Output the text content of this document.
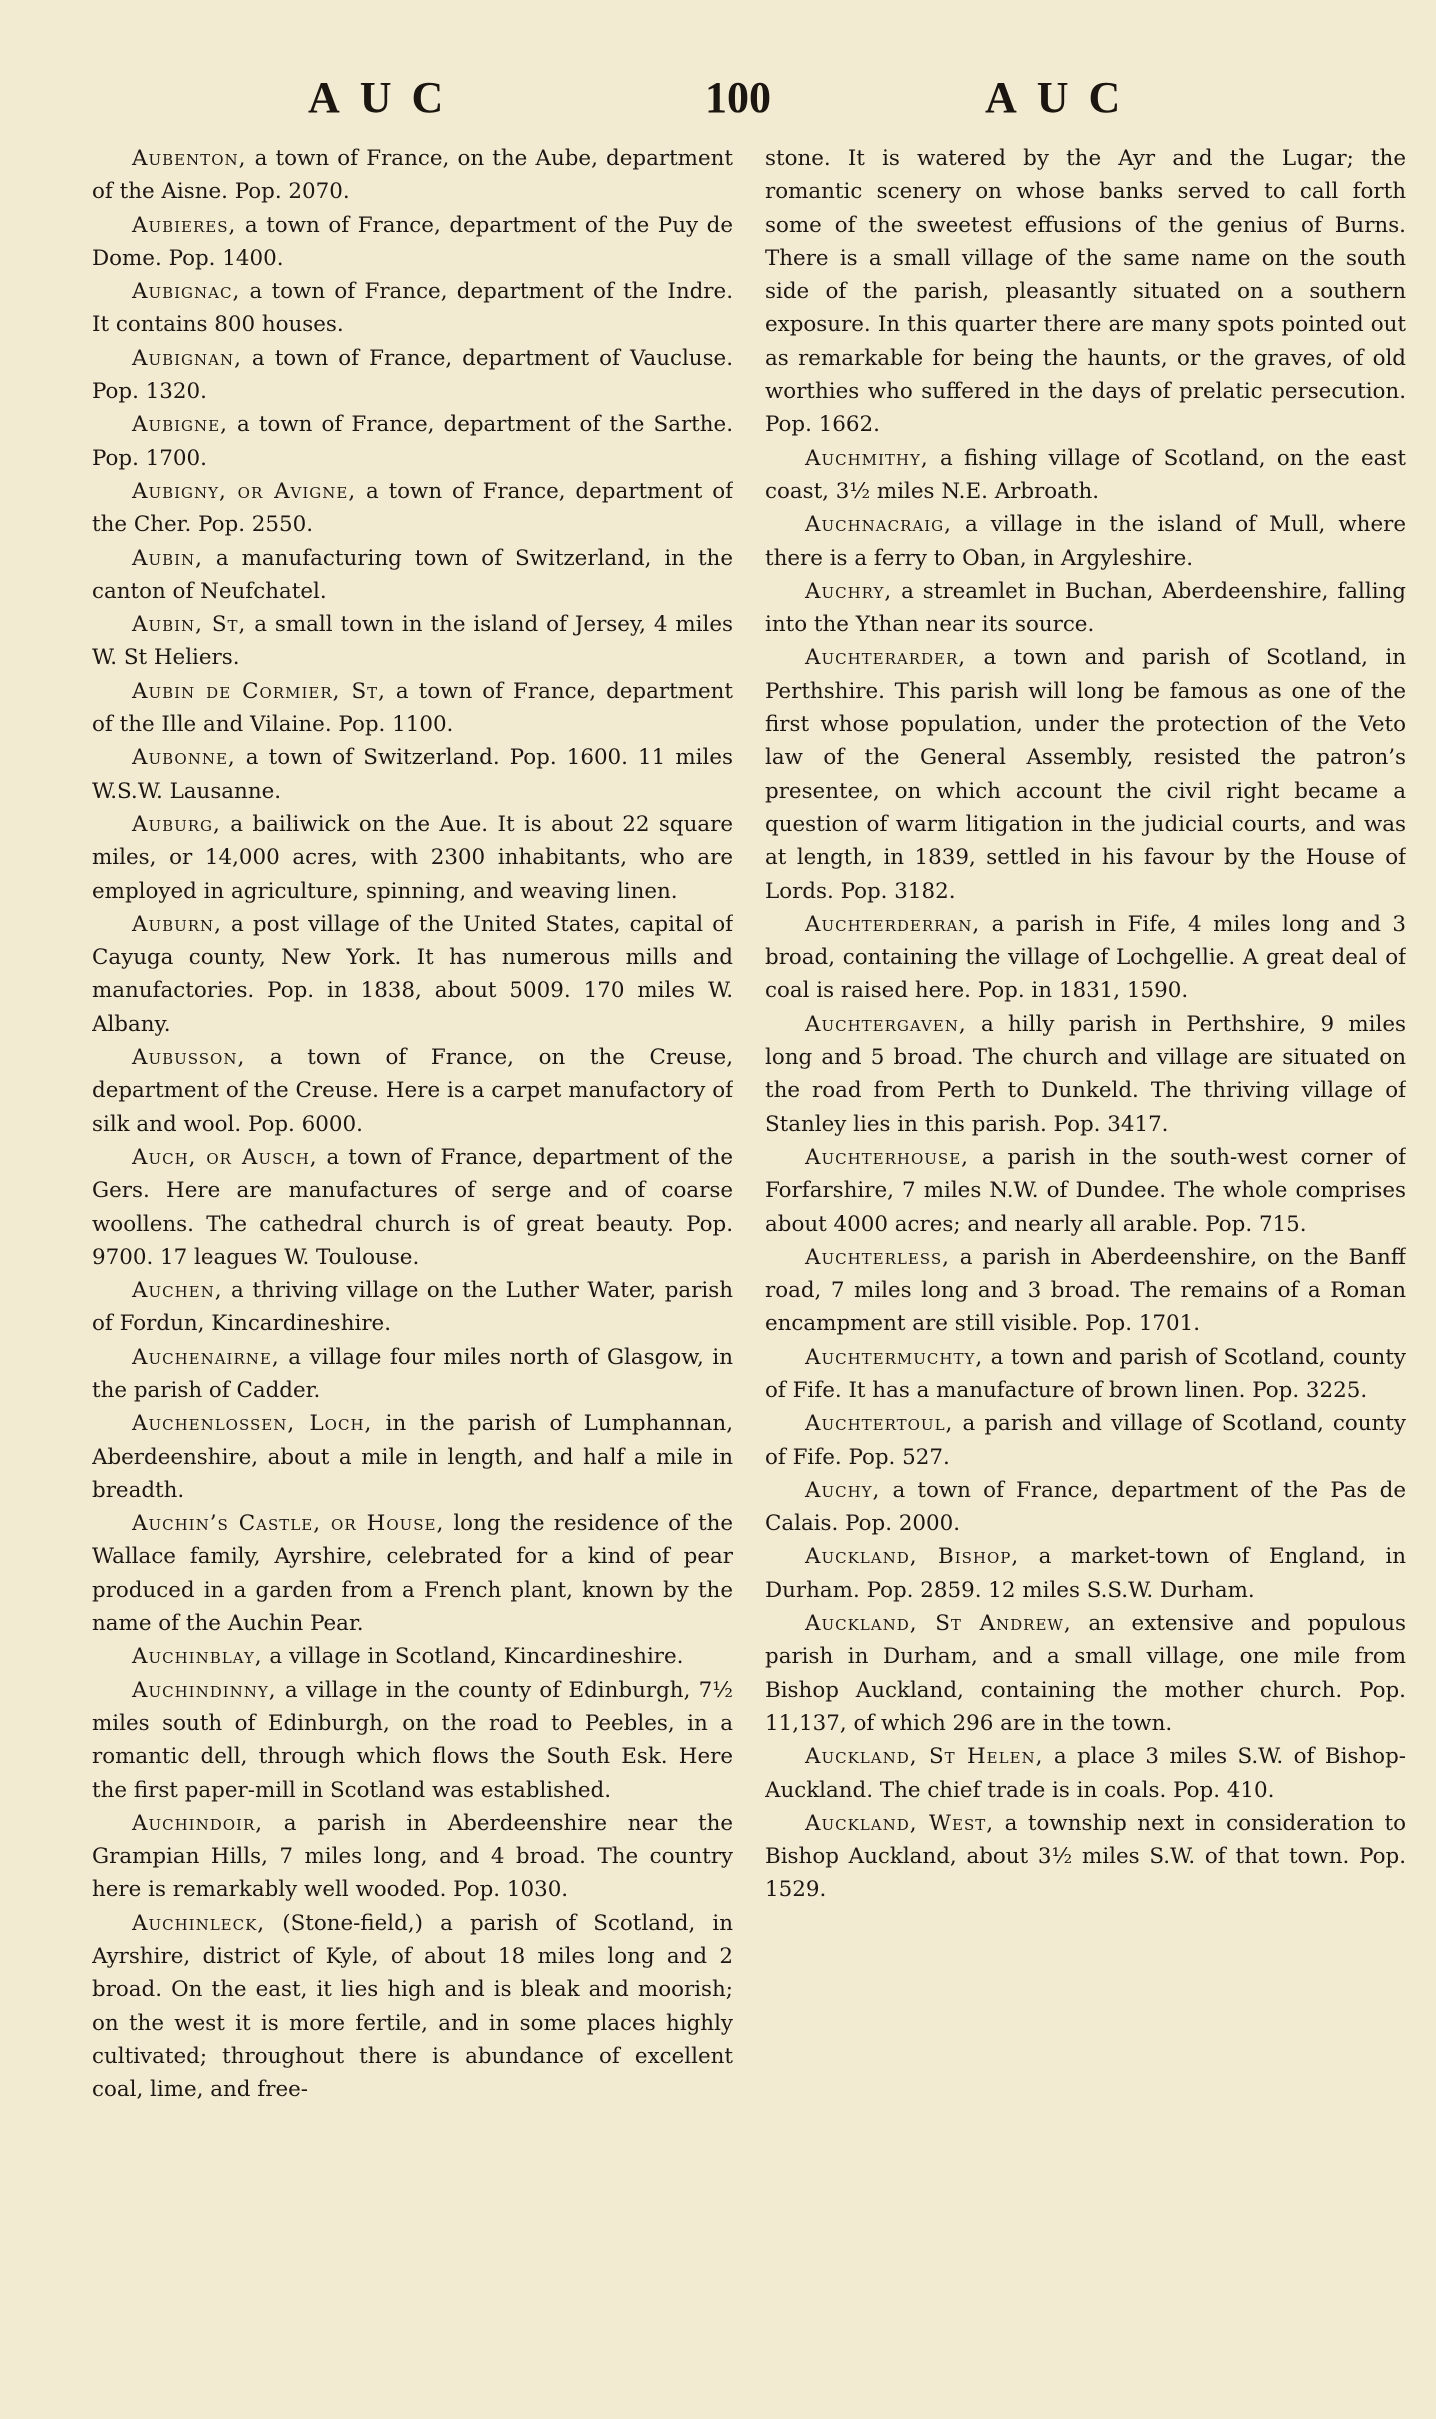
AUC	100	AUC

Aubenton, a town of France, on the Aube, department of the Aisne. Pop. 2070.

Aubieres, a town of France, department of the Puy de Dome. Pop. 1400.

Aubignac, a town of France, department of the Indre. It contains 800 houses.

Aubignan, a town of France, department of Vaucluse. Pop. 1320.

Aubigne, a town of France, department of the Sarthe. Pop. 1700.

Aubigny, or Avigne, a town of France, department of the Cher. Pop. 2550.

Aubin, a manufacturing town of Switzerland, in the canton of Neufchatel.

Aubin, St, a small town in the island of Jersey, 4 miles W. St Heliers.

Aubin de Cormier, St, a town of France, department of the Ille and Vilaine. Pop. 1100.

Aubonne, a town of Switzerland. Pop. 1600. 11 miles W.S.W. Lausanne.

Auburg, a bailiwick on the Aue. It is about 22 square miles, or 14,000 acres, with 2300 inhabitants, who are employed in agriculture, spinning, and weaving linen.

Auburn, a post village of the United States, capital of Cayuga county, New York. It has numerous mills and manufactories. Pop. in 1838, about 5009. 170 miles W. Albany.

Aubusson, a town of France, on the Creuse, department of the Creuse. Here is a carpet manufactory of silk and wool. Pop. 6000.

Auch, or Ausch, a town of France, department of the Gers. Here are manufactures of serge and of coarse woollens. The cathedral church is of great beauty. Pop. 9700. 17 leagues W. Toulouse.

Auchen, a thriving village on the Luther Water, parish of Fordun, Kincardineshire.

Auchenairne, a village four miles north of Glasgow, in the parish of Cadder.

Auchenlossen, Loch, in the parish of Lumphannan, Aberdeenshire, about a mile in length, and half a mile in breadth.

Auchin’s Castle, or House, long the residence of the Wallace family, Ayrshire, celebrated for a kind of pear produced in a garden from a French plant, known by the name of the Auchin Pear.

Auchinblay, a village in Scotland, Kincardineshire.

Auchindinny, a village in the county of Edinburgh, 7½ miles south of Edinburgh, on the road to Peebles, in a romantic dell, through which flows the South Esk. Here the first paper-mill in Scotland was established.

Auchindoir, a parish in Aberdeenshire near the Grampian Hills, 7 miles long, and 4 broad. The country here is remarkably well wooded. Pop. 1030.

Auchinleck, (Stone-field,) a parish of Scotland, in Ayrshire, district of Kyle, of about 18 miles long and 2 broad. On the east, it lies high and is bleak and moorish; on the west it is more fertile, and in some places highly cultivated; throughout there is abundance of excellent coal, lime, and free-

stone. It is watered by the Ayr and the Lugar; the romantic scenery on whose banks served to call forth some of the sweetest effusions of the genius of Burns. There is a small village of the same name on the south side of the parish, pleasantly situated on a southern exposure. In this quarter there are many spots pointed out as remarkable for being the haunts, or the graves, of old worthies who suffered in the days of prelatic persecution. Pop. 1662.

Auchmithy, a fishing village of Scotland, on the east coast, 3½ miles N.E. Arbroath.

Auchnacraig, a village in the island of Mull, where there is a ferry to Oban, in Argyleshire.

Auchry, a streamlet in Buchan, Aberdeenshire, falling into the Ythan near its source.

Auchterarder, a town and parish of Scotland, in Perthshire. This parish will long be famous as one of the first whose population, under the protection of the Veto law of the General Assembly, resisted the patron’s presentee, on which account the civil right became a question of warm litigation in the judicial courts, and was at length, in 1839, settled in his favour by the House of Lords. Pop. 3182.

Auchterderran, a parish in Fife, 4 miles long and 3 broad, containing the village of Lochgellie. A great deal of coal is raised here. Pop. in 1831, 1590.

Auchtergaven, a hilly parish in Perthshire, 9 miles long and 5 broad. The church and village are situated on the road from Perth to Dunkeld. The thriving village of Stanley lies in this parish. Pop. 3417.

Auchterhouse, a parish in the south-west corner of Forfarshire, 7 miles N.W. of Dundee. The whole comprises about 4000 acres; and nearly all arable. Pop. 715.

Auchterless, a parish in Aberdeenshire, on the Banff road, 7 miles long and 3 broad. The remains of a Roman encampment are still visible. Pop. 1701.

Auchtermuchty, a town and parish of Scotland, county of Fife. It has a manufacture of brown linen. Pop. 3225.

Auchtertoul, a parish and village of Scotland, county of Fife. Pop. 527.

Auchy, a town of France, department of the Pas de Calais. Pop. 2000.

Auckland, Bishop, a market-town of England, in Durham. Pop. 2859. 12 miles S.S.W. Durham.

Auckland, St Andrew, an extensive and populous parish in Durham, and a small village, one mile from Bishop Auckland, containing the mother church. Pop. 11,137, of which 296 are in the town.

Auckland, St Helen, a place 3 miles S.W. of Bishop-Auckland. The chief trade is in coals. Pop. 410.

Auckland, West, a township next in consideration to Bishop Auckland, about 3½ miles S.W. of that town. Pop. 1529.
